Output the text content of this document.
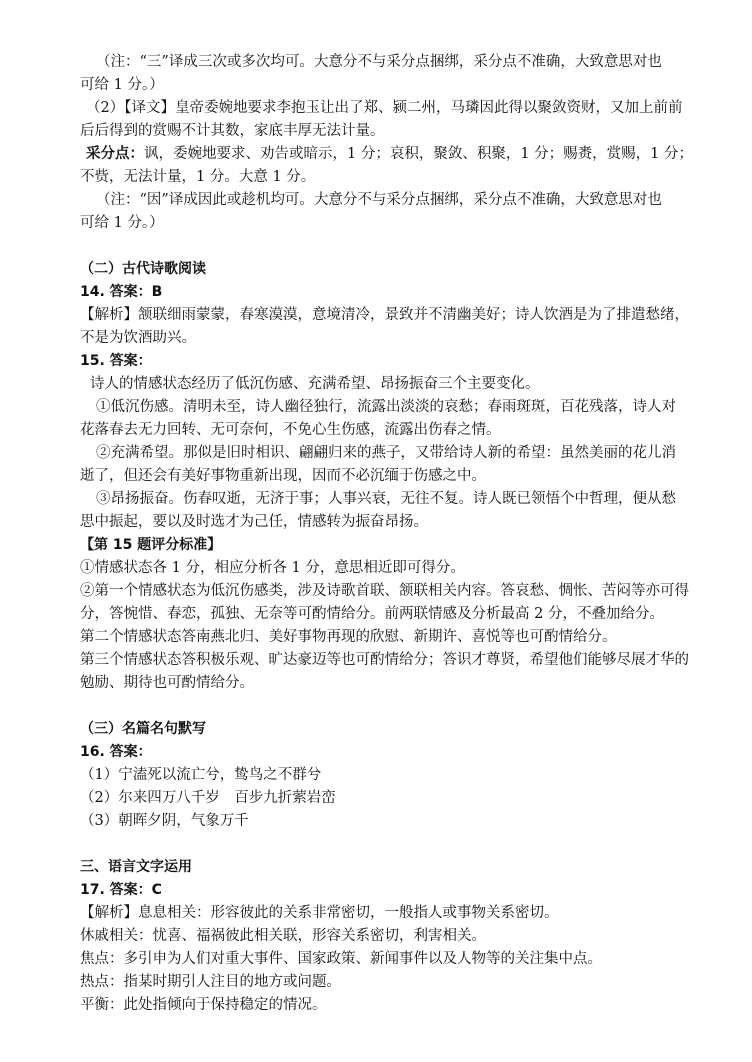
（注：“三”译成三次或多次均可。大意分不与采分点捆绑，采分点不准确，大致意思对也
可给 1 分。）
（2）【译文】皇帝委婉地要求李抱玉让出了郑、颍二州，马璘因此得以聚敛资财，又加上前前
后后得到的赏赐不计其数，家底丰厚无法计量。
采分点：讽，委婉地要求、劝告或暗示，1 分；哀积，聚敛、积聚，1 分；赐赉，赏赐，1 分；
不赀，无法计量，1 分。大意 1 分。
（注：“因”译成因此或趁机均可。大意分不与采分点捆绑，采分点不准确，大致意思对也
可给 1 分。）
（二）古代诗歌阅读
14. 答案：B
【解析】颔联细雨蒙蒙，春寒漠漠，意境清冷，景致并不清幽美好；诗人饮酒是为了排遣愁绪，
不是为饮酒助兴。
15. 答案：
诗人的情感状态经历了低沉伤感、充满希望、昂扬振奋三个主要变化。
①低沉伤感。清明未至，诗人幽径独行，流露出淡淡的哀愁；春雨斑斑，百花残落，诗人对
花落春去无力回转、无可奈何，不免心生伤感，流露出伤春之情。
②充满希望。那似是旧时相识、翩翩归来的燕子，又带给诗人新的希望：虽然美丽的花儿消
逝了，但还会有美好事物重新出现，因而不必沉缅于伤感之中。
③昂扬振奋。伤春叹逝，无济于事；人事兴衰，无往不复。诗人既已领悟个中哲理，便从愁
思中振起，要以及时选才为己任，情感转为振奋昂扬。
【第 15 题评分标准】
①情感状态各 1 分，相应分析各 1 分，意思相近即可得分。
②第一个情感状态为低沉伤感类，涉及诗歌首联、颔联相关内容。答哀愁、惆怅、苦闷等亦可得
分，答惋惜、春恋，孤独、无奈等可酌情给分。前两联情感及分析最高 2 分，不叠加给分。
第二个情感状态答南燕北归、美好事物再现的欣慰、新期许、喜悦等也可酌情给分。
第三个情感状态答积极乐观、旷达豪迈等也可酌情给分；答识才尊贤，希望他们能够尽展才华的
勉励、期待也可酌情给分。
（三）名篇名句默写
16. 答案：
（1）宁溘死以流亡兮，鸷鸟之不群兮
（2）尔来四万八千岁　百步九折萦岩峦
（3）朝晖夕阴，气象万千
三、语言文字运用
17. 答案：C
【解析】息息相关：形容彼此的关系非常密切，一般指人或事物关系密切。
休戚相关：忧喜、福祸彼此相关联，形容关系密切，利害相关。
焦点：多引申为人们对重大事件、国家政策、新闻事件以及人物等的关注集中点。
热点：指某时期引人注目的地方或问题。
平衡：此处指倾向于保持稳定的情况。
